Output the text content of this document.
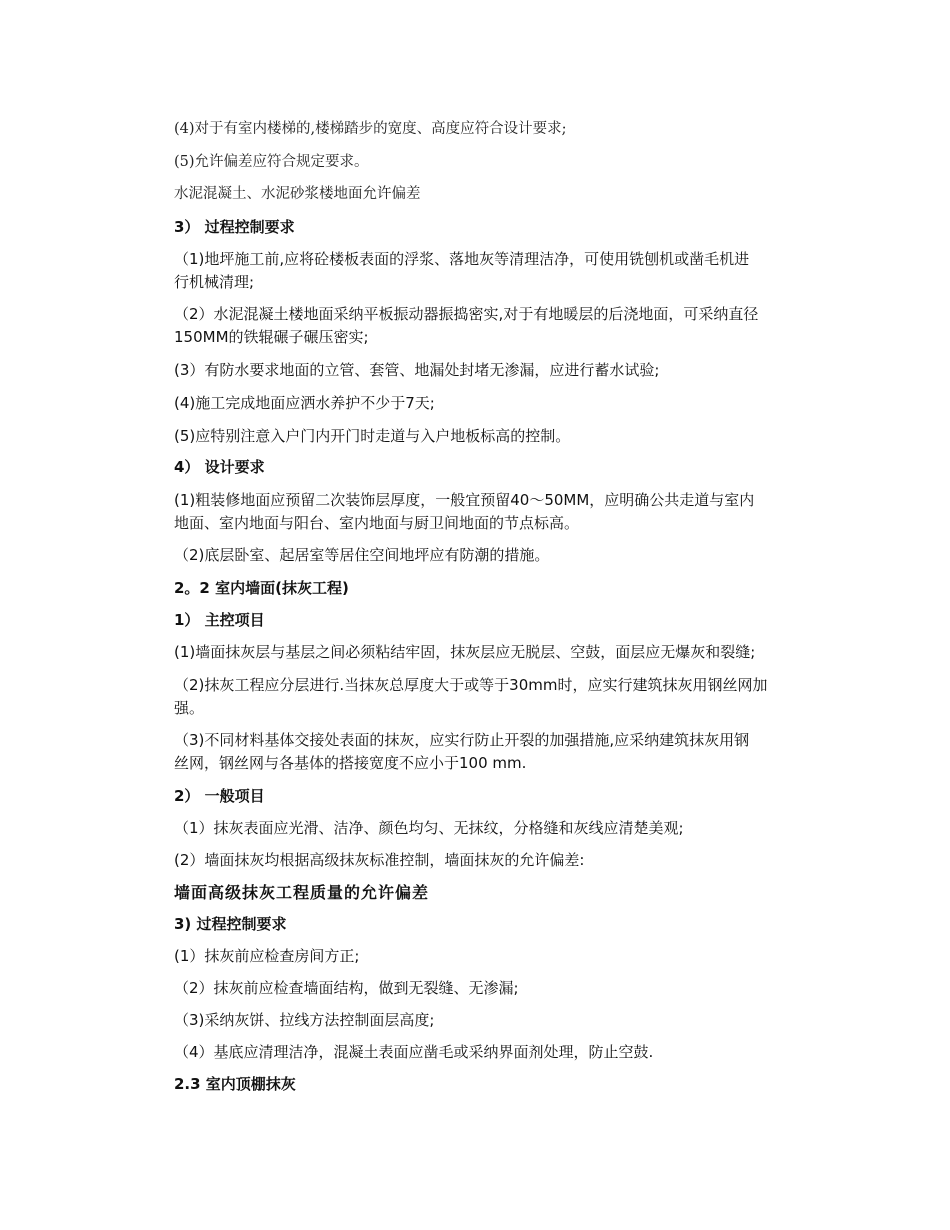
(4)对于有室内楼梯的,楼梯踏步的宽度、高度应符合设计要求;
(5)允许偏差应符合规定要求。
水泥混凝土、水泥砂浆楼地面允许偏差
3） 过程控制要求
（1)地坪施工前,应将砼楼板表面的浮浆、落地灰等清理洁净，可使用铣刨机或凿毛机进
行机械清理;
（2）水泥混凝土楼地面采纳平板振动器振捣密实,对于有地暖层的后浇地面，可采纳直径
150MM的铁辊碾子碾压密实;
(3）有防水要求地面的立管、套管、地漏处封堵无渗漏，应进行蓄水试验;
(4)施工完成地面应洒水养护不少于7天;
(5)应特别注意入户门内开门时走道与入户地板标高的控制。
4） 设计要求
(1)粗装修地面应预留二次装饰层厚度，一般宜预留40～50MM，应明确公共走道与室内
地面、室内地面与阳台、室内地面与厨卫间地面的节点标高。
（2)底层卧室、起居室等居住空间地坪应有防潮的措施。
2。2 室内墙面(抹灰工程)
1） 主控项目
(1)墙面抹灰层与基层之间必须粘结牢固，抹灰层应无脱层、空鼓，面层应无爆灰和裂缝;
（2)抹灰工程应分层进行.当抹灰总厚度大于或等于30mm时，应实行建筑抹灰用钢丝网加
强。
（3)不同材料基体交接处表面的抹灰，应实行防止开裂的加强措施,应采纳建筑抹灰用钢
丝网，钢丝网与各基体的搭接宽度不应小于100 mm.
2） 一般项目
（1）抹灰表面应光滑、洁净、颜色均匀、无抹纹，分格缝和灰线应清楚美观;
(2）墙面抹灰均根据高级抹灰标准控制，墙面抹灰的允许偏差:
墙面高级抹灰工程质量的允许偏差
3) 过程控制要求
(1）抹灰前应检查房间方正;
（2）抹灰前应检查墙面结构，做到无裂缝、无渗漏;
（3)采纳灰饼、拉线方法控制面层高度;
（4）基底应清理洁净，混凝土表面应凿毛或采纳界面剂处理，防止空鼓.
2.3 室内顶棚抹灰
